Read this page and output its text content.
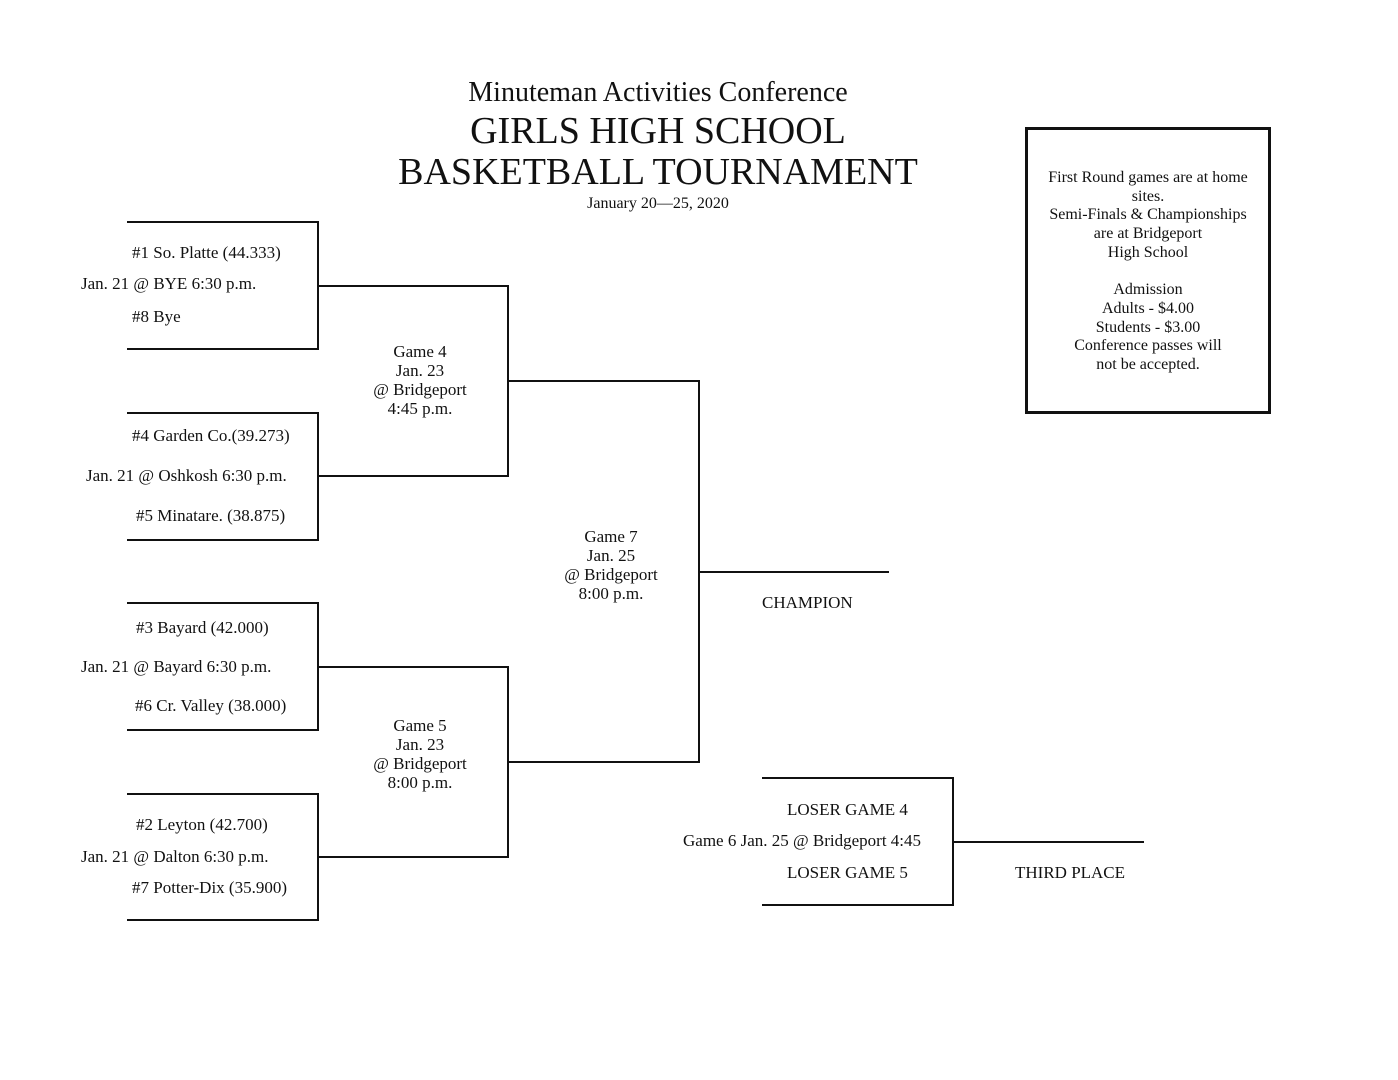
Minuteman Activities Conference
GIRLS HIGH SCHOOL
BASKETBALL TOURNAMENT
January 20—25, 2020
First Round games are at home
sites.
Semi-Finals & Championships
are at Bridgeport
High School
Admission
Adults - $4.00
Students - $3.00
Conference passes will
not be accepted.
#1 So. Platte (44.333)
Jan. 21 @ BYE 6:30 p.m.
#8 Bye
#4 Garden Co.(39.273)
Jan. 21 @ Oshkosh 6:30 p.m.
#5 Minatare. (38.875)
#3 Bayard (42.000)
Jan. 21 @ Bayard 6:30 p.m.
#6 Cr. Valley (38.000)
#2 Leyton (42.700)
Jan. 21 @ Dalton 6:30 p.m.
#7 Potter-Dix (35.900)
Game 4
Jan. 23
@ Bridgeport
4:45 p.m.
Game 5
Jan. 23
@ Bridgeport
8:00 p.m.
Game 7
Jan. 25
@ Bridgeport
8:00 p.m.	CHAMPION
LOSER GAME 4
Game 6 Jan. 25 @ Bridgeport 4:45
LOSER GAME 5	THIRD PLACE
